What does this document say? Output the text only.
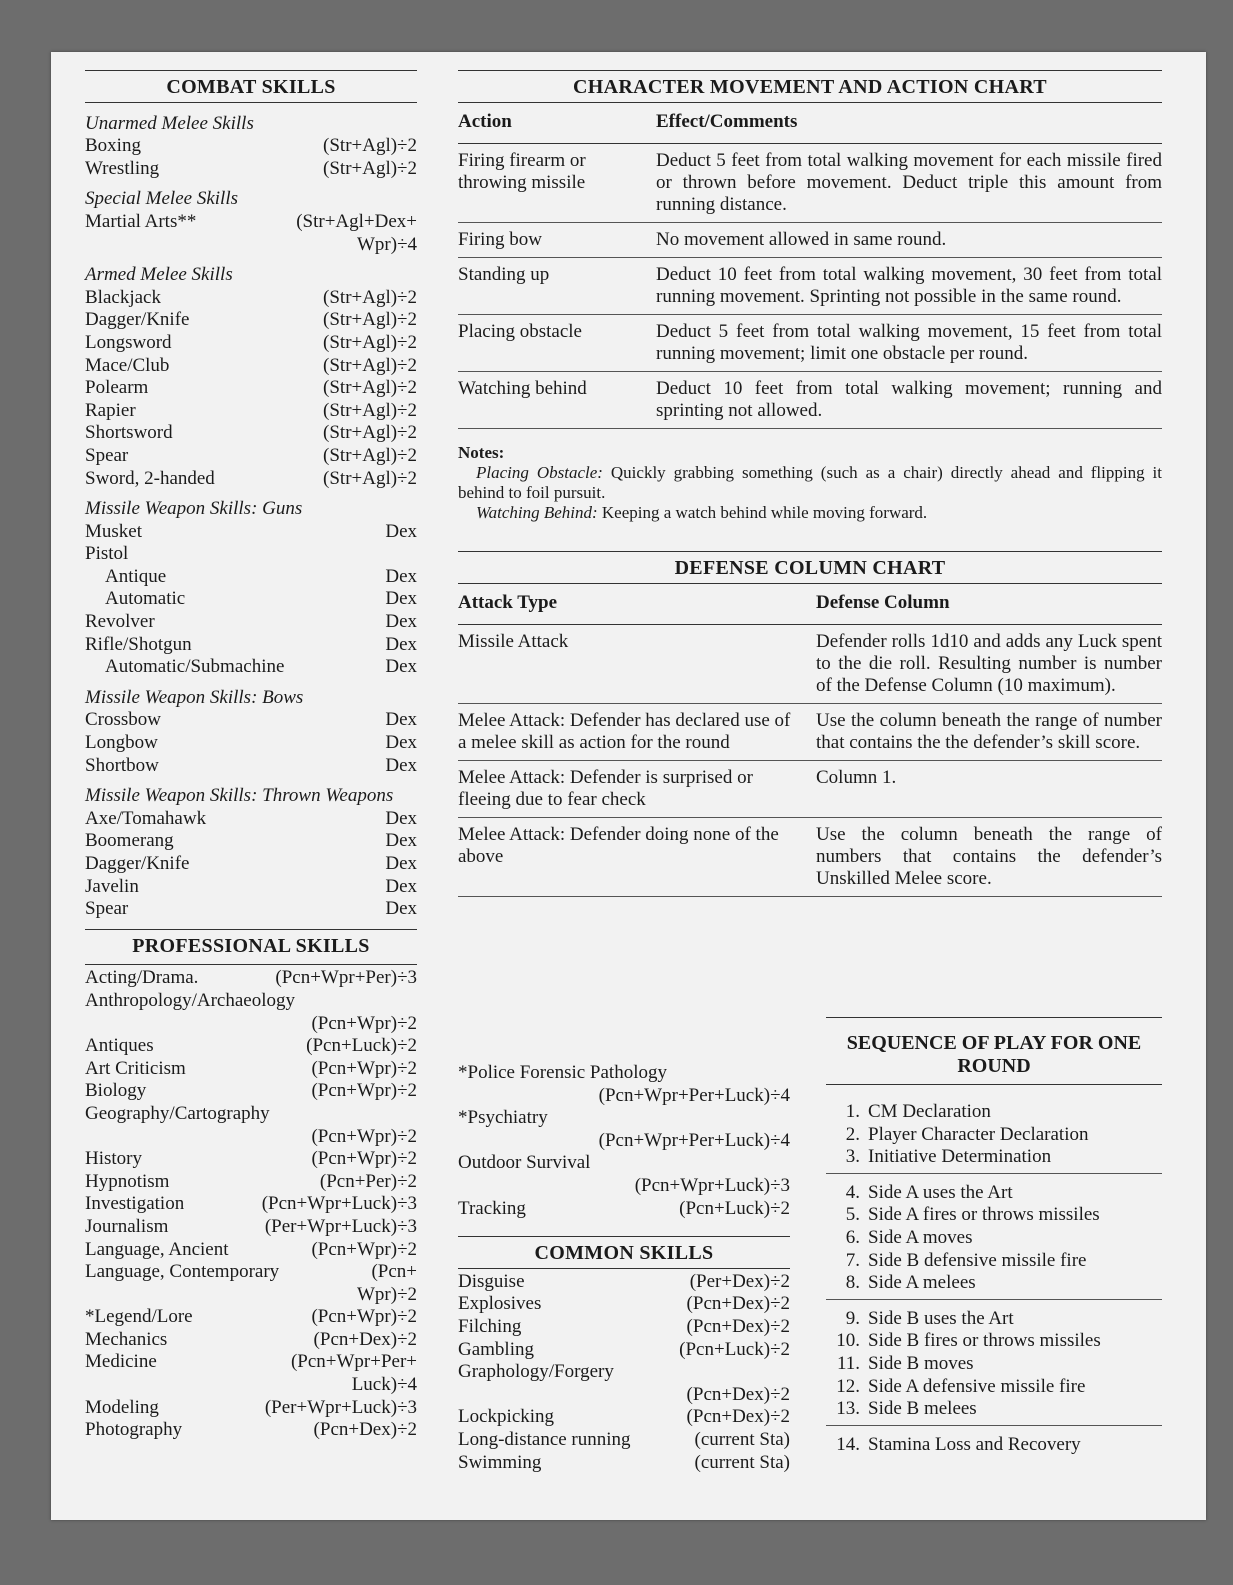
COMBAT SKILLS
Unarmed Melee Skills
Boxing	(Str+Agl)÷2
Wrestling	(Str+Agl)÷2
Special Melee Skills
Martial Arts**	(Str+Agl+Dex+
Wpr)÷4
Armed Melee Skills
Blackjack	(Str+Agl)÷2
Dagger/Knife	(Str+Agl)÷2
Longsword	(Str+Agl)÷2
Mace/Club	(Str+Agl)÷2
Polearm	(Str+Agl)÷2
Rapier	(Str+Agl)÷2
Shortsword	(Str+Agl)÷2
Spear	(Str+Agl)÷2
Sword, 2-handed	(Str+Agl)÷2
Missile Weapon Skills: Guns
Musket	Dex
Pistol
Antique	Dex
Automatic	Dex
Revolver	Dex
Rifle/Shotgun	Dex
Automatic/Submachine	Dex
Missile Weapon Skills: Bows
Crossbow	Dex
Longbow	Dex
Shortbow	Dex
Missile Weapon Skills: Thrown Weapons
Axe/Tomahawk	Dex
Boomerang	Dex
Dagger/Knife	Dex
Javelin	Dex
Spear	Dex
PROFESSIONAL SKILLS
Acting/Drama.	(Pcn+Wpr+Per)÷3
Anthropology/Archaeology
(Pcn+Wpr)÷2
Antiques	(Pcn+Luck)÷2
Art Criticism	(Pcn+Wpr)÷2
Biology	(Pcn+Wpr)÷2
Geography/Cartography
(Pcn+Wpr)÷2
History	(Pcn+Wpr)÷2
Hypnotism	(Pcn+Per)÷2
Investigation	(Pcn+Wpr+Luck)÷3
Journalism	(Per+Wpr+Luck)÷3
Language, Ancient	(Pcn+Wpr)÷2
Language, Contemporary	(Pcn+
Wpr)÷2
*Legend/Lore	(Pcn+Wpr)÷2
Mechanics	(Pcn+Dex)÷2
Medicine	(Pcn+Wpr+Per+
Luck)÷4
Modeling	(Per+Wpr+Luck)÷3
Photography	(Pcn+Dex)÷2
CHARACTER MOVEMENT AND ACTION CHART
Action	Effect/Comments
Firing firearm or throwing missile	Deduct 5 feet from total walking movement for each missile fired or thrown before movement. Deduct triple this amount from running distance.
Firing bow	No movement allowed in same round.
Standing up	Deduct 10 feet from total walking movement, 30 feet from total running movement. Sprinting not possible in the same round.
Placing obstacle	Deduct 5 feet from total walking movement, 15 feet from total running movement; limit one obstacle per round.
Watching behind	Deduct 10 feet from total walking movement; running and sprinting not allowed.
Notes:

Placing Obstacle: Quickly grabbing something (such as a chair) directly ahead and flipping it behind to foil pursuit.

Watching Behind: Keeping a watch behind while moving forward.

DEFENSE COLUMN CHART
Attack Type	Defense Column
Missile Attack	Defender rolls 1d10 and adds any Luck spent to the die roll. Resulting number is number of the Defense Column (10 maximum).
Melee Attack: Defender has declared use of a melee skill as action for the round	Use the column beneath the range of number that contains the the defender’s skill score.
Melee Attack: Defender is surprised or fleeing due to fear check	Column 1.
Melee Attack: Defender doing none of the above	Use the column beneath the range of numbers that contains the defender’s Unskilled Melee score.
*Police Forensic Pathology
(Pcn+Wpr+Per+Luck)÷4
*Psychiatry
(Pcn+Wpr+Per+Luck)÷4
Outdoor Survival
(Pcn+Wpr+Luck)÷3
Tracking	(Pcn+Luck)÷2
COMMON SKILLS
Disguise	(Per+Dex)÷2
Explosives	(Pcn+Dex)÷2
Filching	(Pcn+Dex)÷2
Gambling	(Pcn+Luck)÷2
Graphology/Forgery
(Pcn+Dex)÷2
Lockpicking	(Pcn+Dex)÷2
Long-distance running	(current Sta)
Swimming	(current Sta)
SEQUENCE OF PLAY FOR ONE ROUND
1. CM Declaration
2. Player Character Declaration
3. Initiative Determination
4. Side A uses the Art
5. Side A fires or throws missiles
6. Side A moves
7. Side B defensive missile fire
8. Side A melees
9. Side B uses the Art
10. Side B fires or throws missiles
11. Side B moves
12. Side A defensive missile fire
13. Side B melees
14. Stamina Loss and Recovery
